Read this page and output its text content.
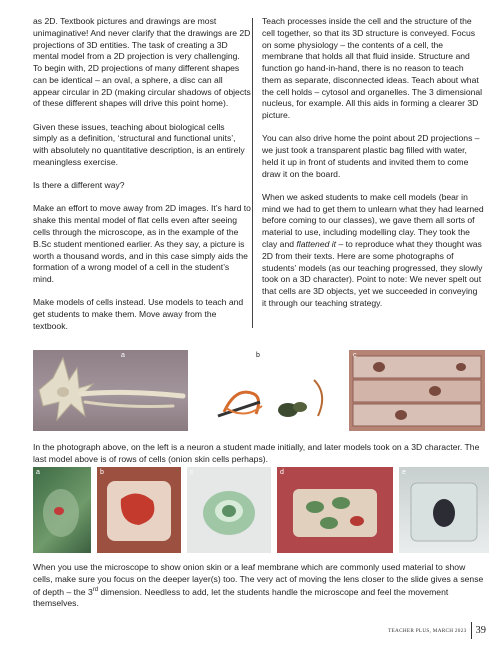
as 2D. Textbook pictures and drawings are most unimaginative! And never clarify that the drawings are 2D projections of 3D entities. The task of creating a 3D mental model from a 2D projection is very challenging. To begin with, 2D projections of many different shapes can be identical – an oval, a sphere, a disc can all appear circular in 2D (making circular shadows of objects of these different shapes will drive this point home).

Given these issues, teaching about biological cells simply as a definition, ‘structural and functional units’, with absolutely no quantitative description, is an entirely meaningless exercise.

Is there a different way?

Make an effort to move away from 2D images. It’s hard to shake this mental model of flat cells even after seeing cells through the microscope, as in the example of the B.Sc student mentioned earlier. As they say, a picture is worth a thousand words, and in this case simply aids the formation of a wrong model of a cell in the student’s mind.

Make models of cells instead. Use models to teach and get students to make them. Move away from the textbook.

Teach processes inside the cell and the structure of the cell together, so that its 3D structure is conveyed. Focus on some physiology – the contents of a cell, the membrane that holds all that fluid inside. Structure and function go hand-in-hand, there is no reason to teach them as separate, disconnected ideas. Teach about what the cell holds – cytosol and organelles. The 3 dimensional nucleus, for example. All this aids in forming a clearer 3D picture.

You can also drive home the point about 2D projections – we just took a transparent plastic bag filled with water, held it up in front of students and invited them to come draw it on the board.

When we asked students to make cell models (bear in mind we had to get them to unlearn what they had learned before coming to our classes), we gave them all sorts of material to use, including modelling clay. They took the clay and flattened it – to reproduce what they thought was 2D from their texts. Here are some photographs of students’ models (as our teaching progressed, they slowly took on a 3D character). Point to note: We never spelt out that cells are 3D objects, yet we succeeded in conveying it through our teaching strategy.

a	b	c

In the photograph above, on the left is a neuron a student made initially, and later models took on a 3D character. The last model above is of rows of cells (onion skin cells perhaps).

a	b	c	d	e

When you use the microscope to show onion skin or a leaf membrane which are commonly used material to show cells, make sure you focus on the deeper layer(s) too. The very act of moving the lens closer to the slide gives a sense of depth – the 3rd dimension. Needless to add, let the students handle the microscope and feel the movement themselves.

TEACHER PLUS, MARCH 2023 39
